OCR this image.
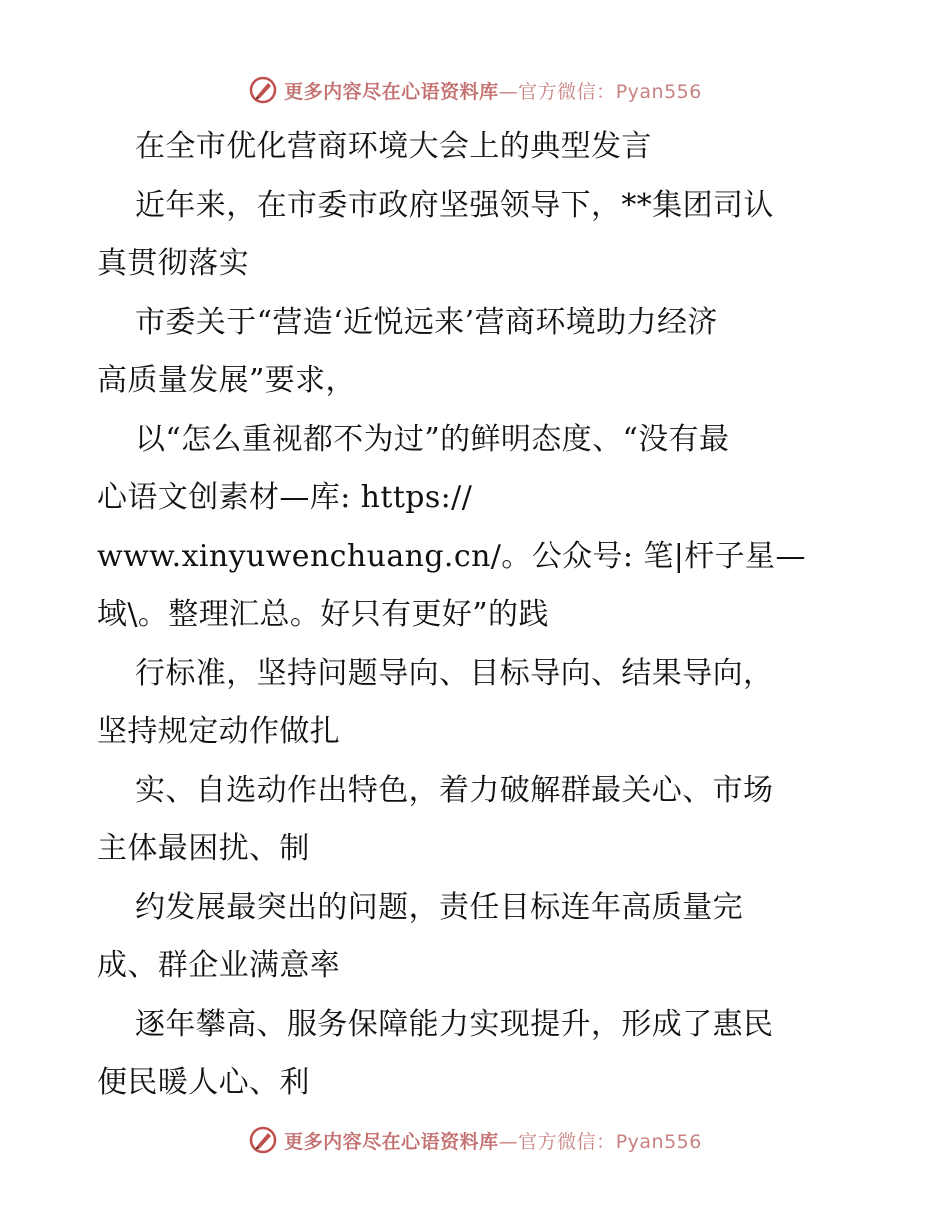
更多内容尽在心语资料库—官方微信：Pyan556
在全市优化营商环境大会上的典型发言
近年来，在市委市政府坚强领导下，**集团司认
真贯彻落实
市委关于“营造‘近悦远来’营商环境助力经济
高质量发展”要求，
以“怎么重视都不为过”的鲜明态度、“没有最
心语文创素材—库: https://
www.xinyuwenchuang.cn/。公众号: 笔|杆子星—
域\。整理汇总。好只有更好”的践
行标准，坚持问题导向、目标导向、结果导向，
坚持规定动作做扎
实、自选动作出特色，着力破解群最关心、市场
主体最困扰、制
约发展最突出的问题，责任目标连年高质量完
成、群企业满意率
逐年攀高、服务保障能力实现提升，形成了惠民
便民暖人心、利
更多内容尽在心语资料库—官方微信：Pyan556
